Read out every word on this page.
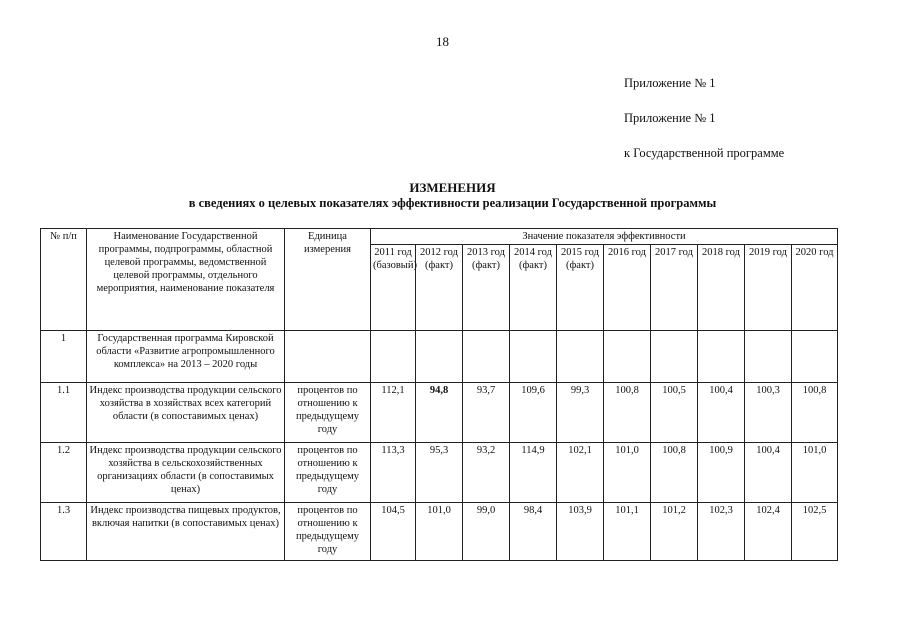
18
Приложение № 1
Приложение № 1
к Государственной программе
ИЗМЕНЕНИЯ
в сведениях о целевых показателях эффективности реализации Государственной программы
№ п/п	Наименование Государственной программы, подпрограммы, областной целевой программы, ведомственной целевой программы, отдельного мероприятия, наименование показателя	Единица измерения	Значение показателя эффективности									
			2011 год (базовый)	2012 год (факт)	2013 год (факт)	2014 год (факт)	2015 год (факт)	2016 год	2017 год	2018 год	2019 год	2020 год
1	Государственная программа Кировской области «Развитие агропромышленного комплекса» на 2013 – 2020 годы											
1.1	Индекс производства продукции сельского хозяйства в хозяйствах всех категорий области (в сопоставимых ценах)	процентов по отношению к предыдущему году	112,1	94,8	93,7	109,6	99,3	100,8	100,5	100,4	100,3	100,8
1.2	Индекс производства продукции сельского хозяйства в сельскохозяйственных организациях области (в сопоставимых ценах)	процентов по отношению к предыдущему году	113,3	95,3	93,2	114,9	102,1	101,0	100,8	100,9	100,4	101,0
1.3	Индекс производства пищевых продуктов, включая напитки (в сопоставимых ценах)	процентов по отношению к предыдущему году	104,5	101,0	99,0	98,4	103,9	101,1	101,2	102,3	102,4	102,5
